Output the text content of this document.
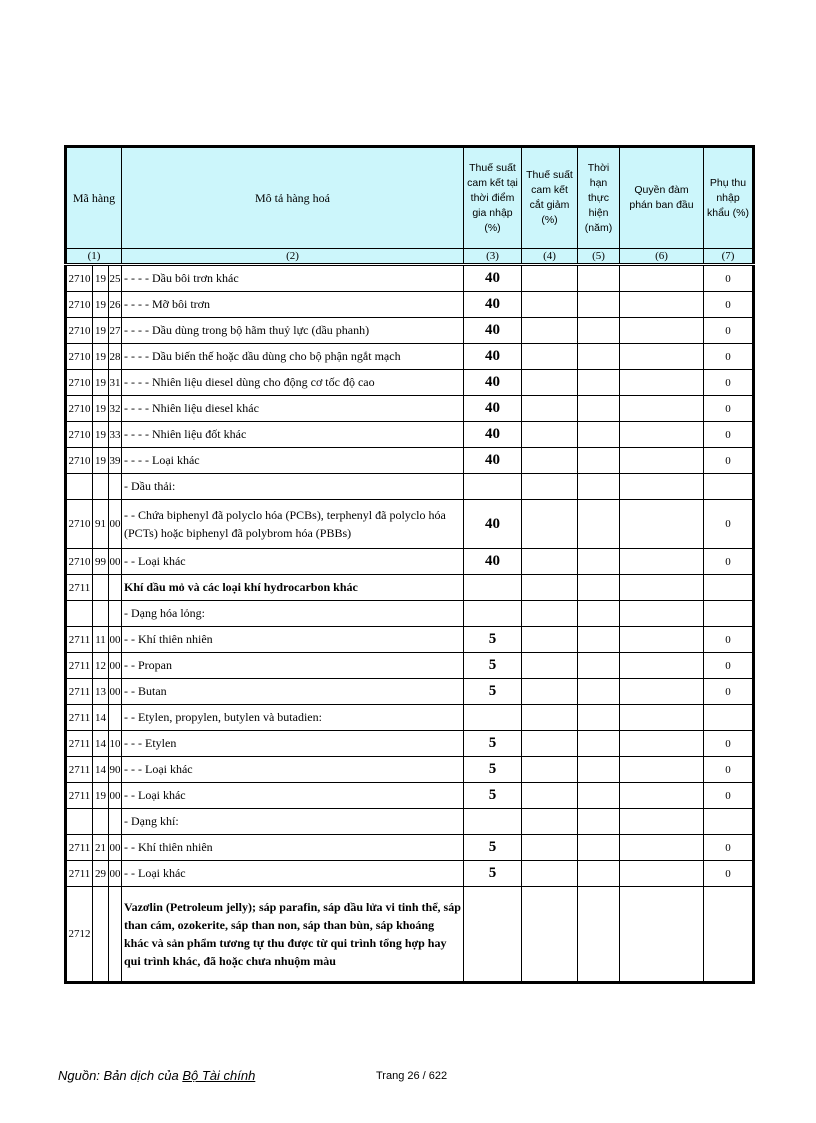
Mã hàng			Mô tả hàng hoá	Thuế suất cam kết tại thời điểm gia nhập (%)	Thuế suất cam kết cắt giảm (%)	Thời hạn thực hiện (năm)	Quyền đàm phán ban đầu	Phụ thu nhập khẩu (%)
(1)			(2)	(3)	(4)	(5)	(6)	(7)
2710	19	25	- - - - Dầu bôi trơn khác	40				0
2710	19	26	- - - - Mỡ bôi trơn	40				0
2710	19	27	- - - - Dầu dùng trong bộ hãm thuỷ lực (dầu phanh)	40				0
2710	19	28	- - - - Dầu biến thế hoặc dầu dùng cho bộ phận ngắt mạch	40				0
2710	19	31	- - - - Nhiên liệu diesel dùng cho động cơ tốc độ cao	40				0
2710	19	32	- - - - Nhiên liệu diesel khác	40				0
2710	19	33	- - - - Nhiên liệu đốt khác	40				0
2710	19	39	- - - - Loại khác	40				0
			- Dầu thải:					
2710	91	00	- - Chứa biphenyl đã polyclo hóa (PCBs), terphenyl đã polyclo hóa (PCTs) hoặc biphenyl đã polybrom hóa (PBBs)	40				0
2710	99	00	- - Loại khác	40				0
2711			Khí dầu mỏ và các loại khí hydrocarbon khác					
			- Dạng hóa lỏng:					
2711	11	00	- - Khí thiên nhiên	5				0
2711	12	00	- - Propan	5				0
2711	13	00	- - Butan	5				0
2711	14		- - Etylen, propylen, butylen và butadien:					
2711	14	10	- - - Etylen	5				0
2711	14	90	- - - Loại khác	5				0
2711	19	00	- - Loại khác	5				0
			- Dạng khí:					
2711	21	00	- - Khí thiên nhiên	5				0
2711	29	00	- - Loại khác	5				0
2712			Vazơlin (Petroleum jelly); sáp parafin, sáp dầu lửa vi tinh thể, sáp than cám, ozokerite, sáp than non, sáp than bùn, sáp khoáng khác và sản phẩm tương tự thu được từ qui trình tổng hợp hay qui trình khác, đã hoặc chưa nhuộm màu					
Nguồn: Bản dịch của Bộ Tài chính	Trang 26 / 622
